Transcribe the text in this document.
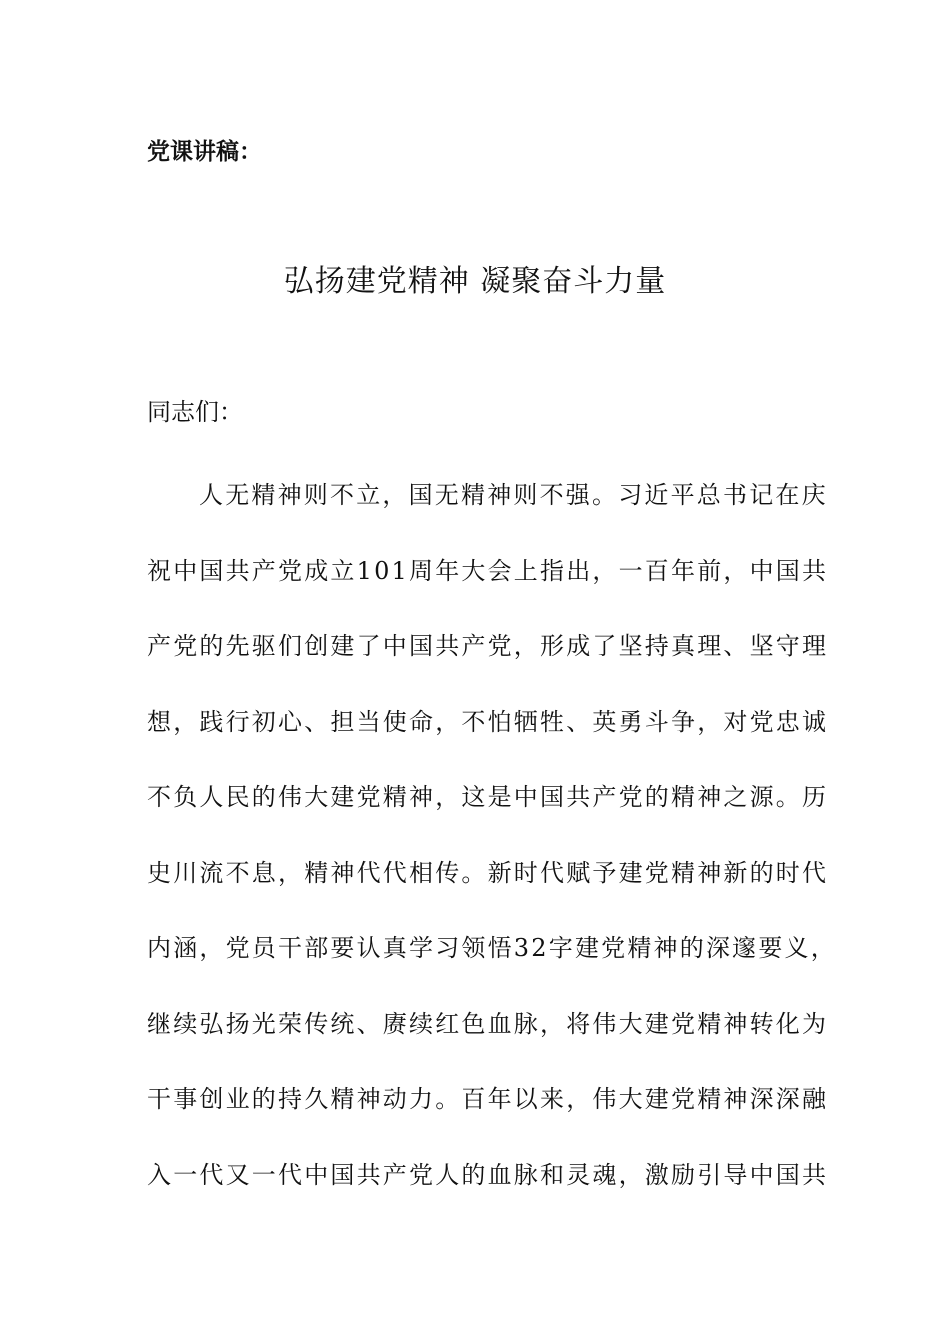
党课讲稿：
弘扬建党精神 凝聚奋斗力量
同志们：
人无精神则不立，国无精神则不强。习近平总书记在庆
祝中国共产党成立101周年大会上指出，一百年前，中国共
产党的先驱们创建了中国共产党，形成了坚持真理、坚守理
想，践行初心、担当使命，不怕牺牲、英勇斗争，对党忠诚
不负人民的伟大建党精神，这是中国共产党的精神之源。历
史川流不息，精神代代相传。新时代赋予建党精神新的时代
内涵，党员干部要认真学习领悟32字建党精神的深邃要义，
继续弘扬光荣传统、赓续红色血脉，将伟大建党精神转化为
干事创业的持久精神动力。百年以来，伟大建党精神深深融
入一代又一代中国共产党人的血脉和灵魂，激励引导中国共
